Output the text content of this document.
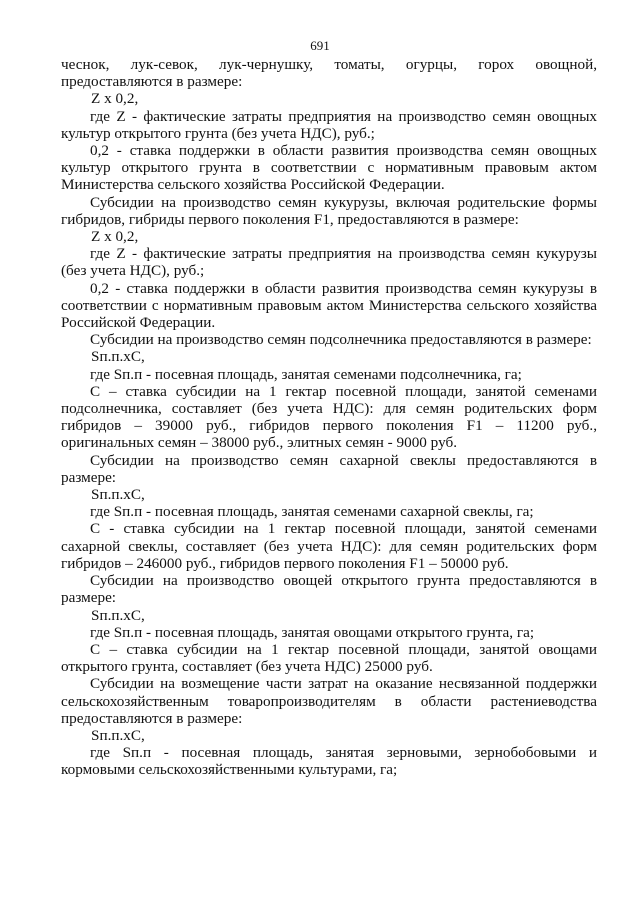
691

чеснок, лук-севок, лук-чернушку, томаты, огурцы, горох овощной, предоставляются в размере:

Z x 0,2,

где Z - фактические затраты предприятия на производство семян овощных культур открытого грунта (без учета НДС), руб.;

0,2 - ставка поддержки в области развития производства семян овощных культур открытого грунта в соответствии с нормативным правовым актом Министерства сельского хозяйства Российской Федерации.

Субсидии на производство семян кукурузы, включая родительские формы гибридов, гибриды первого поколения F1, предоставляются в размере:

Z x 0,2,

где Z - фактические затраты предприятия на производства семян кукурузы (без учета НДС), руб.;

0,2 - ставка поддержки в области развития производства семян кукурузы в соответствии с нормативным правовым актом Министерства сельского хозяйства Российской Федерации.

Субсидии на производство семян подсолнечника предоставляются в размере:

Sп.п.xC,

где Sп.п - посевная площадь, занятая семенами подсолнечника, га;

С – ставка субсидии на 1 гектар посевной площади, занятой семенами подсолнечника, составляет (без учета НДС): для семян родительских форм гибридов – 39000 руб., гибридов первого поколения F1 – 11200 руб., оригинальных семян – 38000 руб., элитных семян - 9000 руб.

Субсидии на производство семян сахарной свеклы предоставляются в размере:

Sп.п.xC,

где Sп.п - посевная площадь, занятая семенами сахарной свеклы, га;

С - ставка субсидии на 1 гектар посевной площади, занятой семенами сахарной свеклы, составляет (без учета НДС): для семян родительских форм гибридов – 246000 руб., гибридов первого поколения F1 – 50000 руб.

Субсидии на производство овощей открытого грунта предоставляются в размере:

Sп.п.xC,

где Sп.п - посевная площадь, занятая овощами открытого грунта, га;

С – ставка субсидии на 1 гектар посевной площади, занятой овощами открытого грунта, составляет (без учета НДС) 25000 руб.

Субсидии на возмещение части затрат на оказание несвязанной поддержки сельскохозяйственным товаропроизводителям в области растениеводства предоставляются в размере:

Sп.п.xC,

где Sп.п - посевная площадь, занятая зерновыми, зернобобовыми и кормовыми сельскохозяйственными культурами, га;
